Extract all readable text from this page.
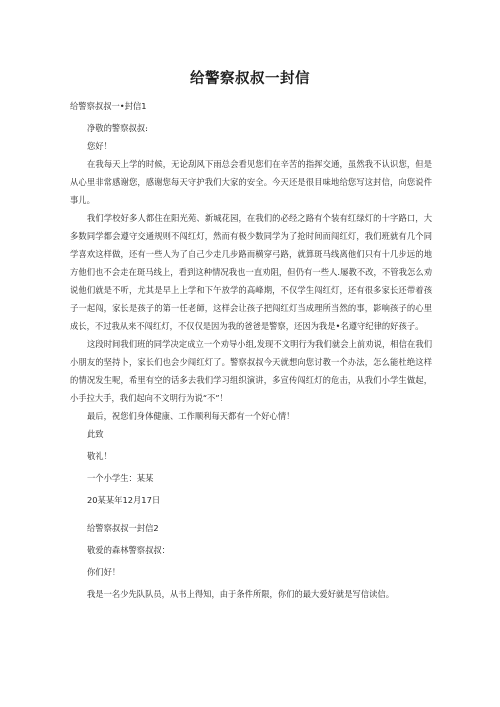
给警察叔叔一封信

给警察叔叔一•封信1

净敬的警察叔叔:

您好！

在我每天上学的时候，无论刮风下雨总会看见您们在辛苦的指挥交通，虽然我不认识您，但是从心里非常感谢您，感谢您每天守护我们大家的安全。今天还是很目味地给您写这封信，向您说件事儿。

我们学校好多人都住在阳光苑、新城花园，在我们的必经之路有个装有红绿灯的十字路口，大多数同学都会遵守交通规则不闯红灯，然而有极少数同学为了抢时间而闯红灯，我们班就有几个同学喜欢这样做，还有一些人为了自己少走几步路而横穿弓路，就算斑马线离他们只有十几步远的地方他们也不会走在斑马线上，看到这种情况我也一直劝阻，但仍有一些人.屡教不改，不管我怎么劝说他们就是不听，尤其是早上上学和下午放学的高峰期，不仅学生闯红灯，还有很多家长还带着孩子一起闯，家长是孩子的第一任老師，这样会让孩子把闯红灯当成理所当然的事，影响孩子的心里成长，不过我从来不闯红灯，不仅仅是因为我的爸爸是警察，还因为我是•名遵守纪律的好孩子。

这段时间我们班的同学决定成立一个劝导小组,发现不文明行为我们就会上前劝说，相信在我们小朋友的坚持卜，家长们也会少闯红灯了。警察叔叔今天就想向您讨教一个办法，怎么能杜绝这样的情况发生呢，希里有空的话多去我们学习组织演讲，多宣传闯红灯的危击，从我们小学生做起，小手拉大手，我们起向不文明行为说“不”！

最后，祝您们身体健康、工作顺利每天都有一个好心情！

此致

敬礼！

一个小学生：某某

20某某年12月17日

给警察叔叔一封信2

敬爱的森林警察叔叔：

你们好！

我是一名少先队队员，从书上得知，由于条件所限，你们的最大爱好就是写信读信。
